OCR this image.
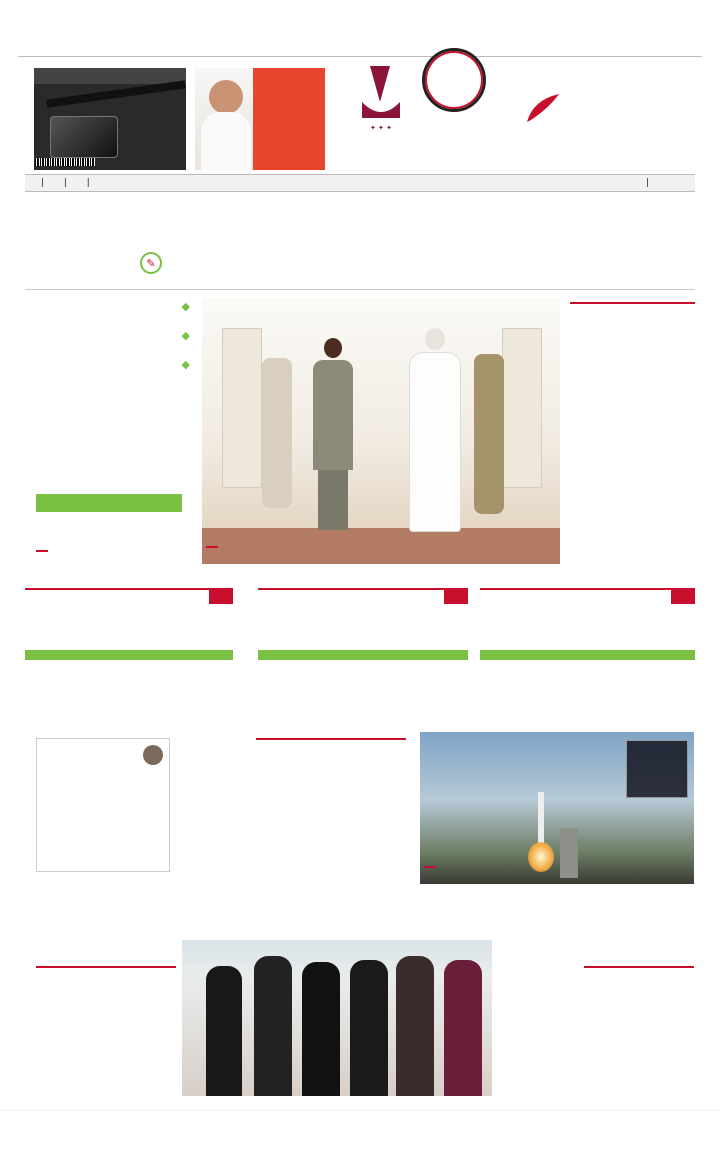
✦ ✦ ✦
|
|
|
|
✎
◆
◆
◆
